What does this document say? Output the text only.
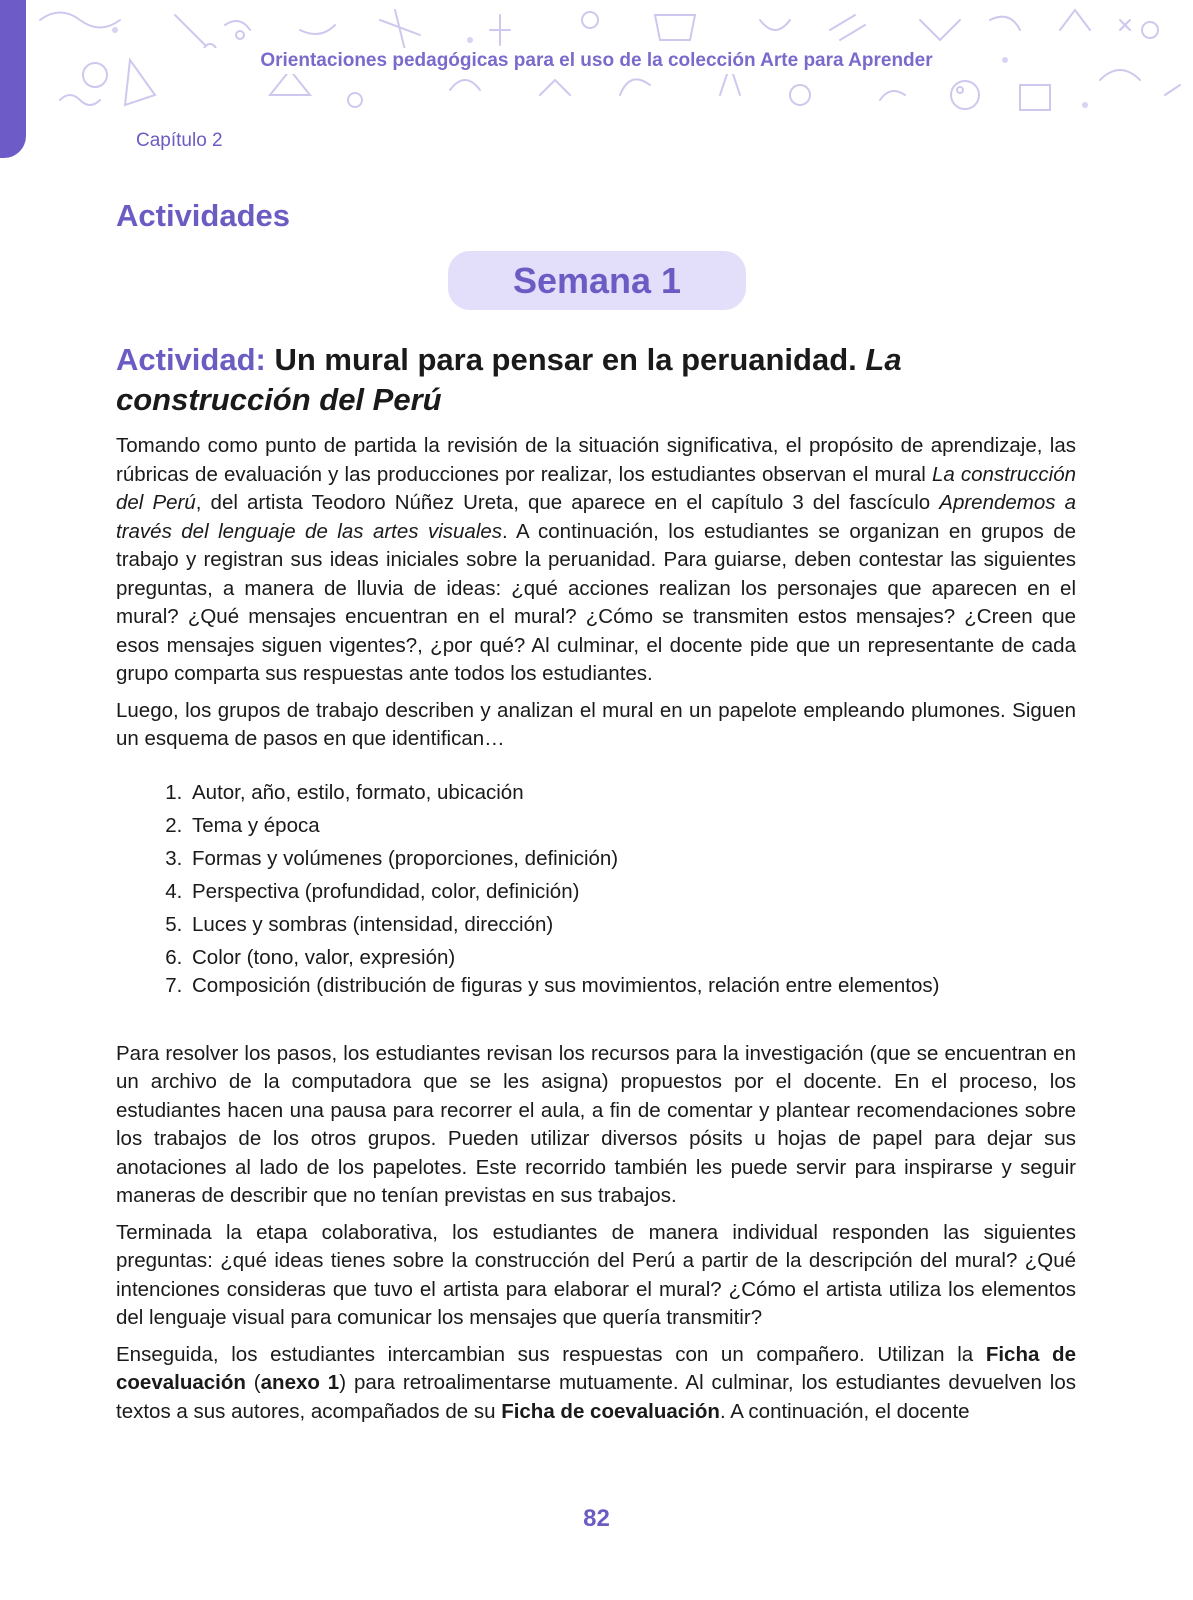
Orientaciones pedagógicas para el uso de la colección Arte para Aprender
Capítulo 2
Actividades
Semana 1
Actividad: Un mural para pensar en la peruanidad. La construcción del Perú

Tomando como punto de partida la revisión de la situación significativa, el propósito de aprendizaje, las rúbricas de evaluación y las producciones por realizar, los estudiantes observan el mural La construcción del Perú, del artista Teodoro Núñez Ureta, que aparece en el capítulo 3 del fascículo Aprendemos a través del lenguaje de las artes visuales. A continuación, los estudiantes se organizan en grupos de trabajo y registran sus ideas iniciales sobre la peruanidad. Para guiarse, deben contestar las siguientes preguntas, a manera de lluvia de ideas: ¿qué acciones realizan los personajes que aparecen en el mural? ¿Qué mensajes encuentran en el mural? ¿Cómo se transmiten estos mensajes? ¿Creen que esos mensajes siguen vigentes?, ¿por qué? Al culminar, el docente pide que un representante de cada grupo comparta sus respuestas ante todos los estudiantes.

Luego, los grupos de trabajo describen y analizan el mural en un papelote empleando plumones. Siguen un esquema de pasos en que identifican…

1. Autor, año, estilo, formato, ubicación
2. Tema y época
3. Formas y volúmenes (proporciones, definición)
4. Perspectiva (profundidad, color, definición)
5. Luces y sombras (intensidad, dirección)
6. Color (tono, valor, expresión)
7. Composición (distribución de figuras y sus movimientos, relación entre elementos)

Para resolver los pasos, los estudiantes revisan los recursos para la investigación (que se encuentran en un archivo de la computadora que se les asigna) propuestos por el docente. En el proceso, los estudiantes hacen una pausa para recorrer el aula, a fin de comentar y plantear recomendaciones sobre los trabajos de los otros grupos. Pueden utilizar diversos pósits u hojas de papel para dejar sus anotaciones al lado de los papelotes. Este recorrido también les puede servir para inspirarse y seguir maneras de describir que no tenían previstas en sus trabajos.

Terminada la etapa colaborativa, los estudiantes de manera individual responden las siguientes preguntas: ¿qué ideas tienes sobre la construcción del Perú a partir de la descripción del mural? ¿Qué intenciones consideras que tuvo el artista para elaborar el mural? ¿Cómo el artista utiliza los elementos del lenguaje visual para comunicar los mensajes que quería transmitir?

Enseguida, los estudiantes intercambian sus respuestas con un compañero. Utilizan la Ficha de coevaluación (anexo 1) para retroalimentarse mutuamente. Al culminar, los estudiantes devuelven los textos a sus autores, acompañados de su Ficha de coevaluación. A continuación, el docente

82
